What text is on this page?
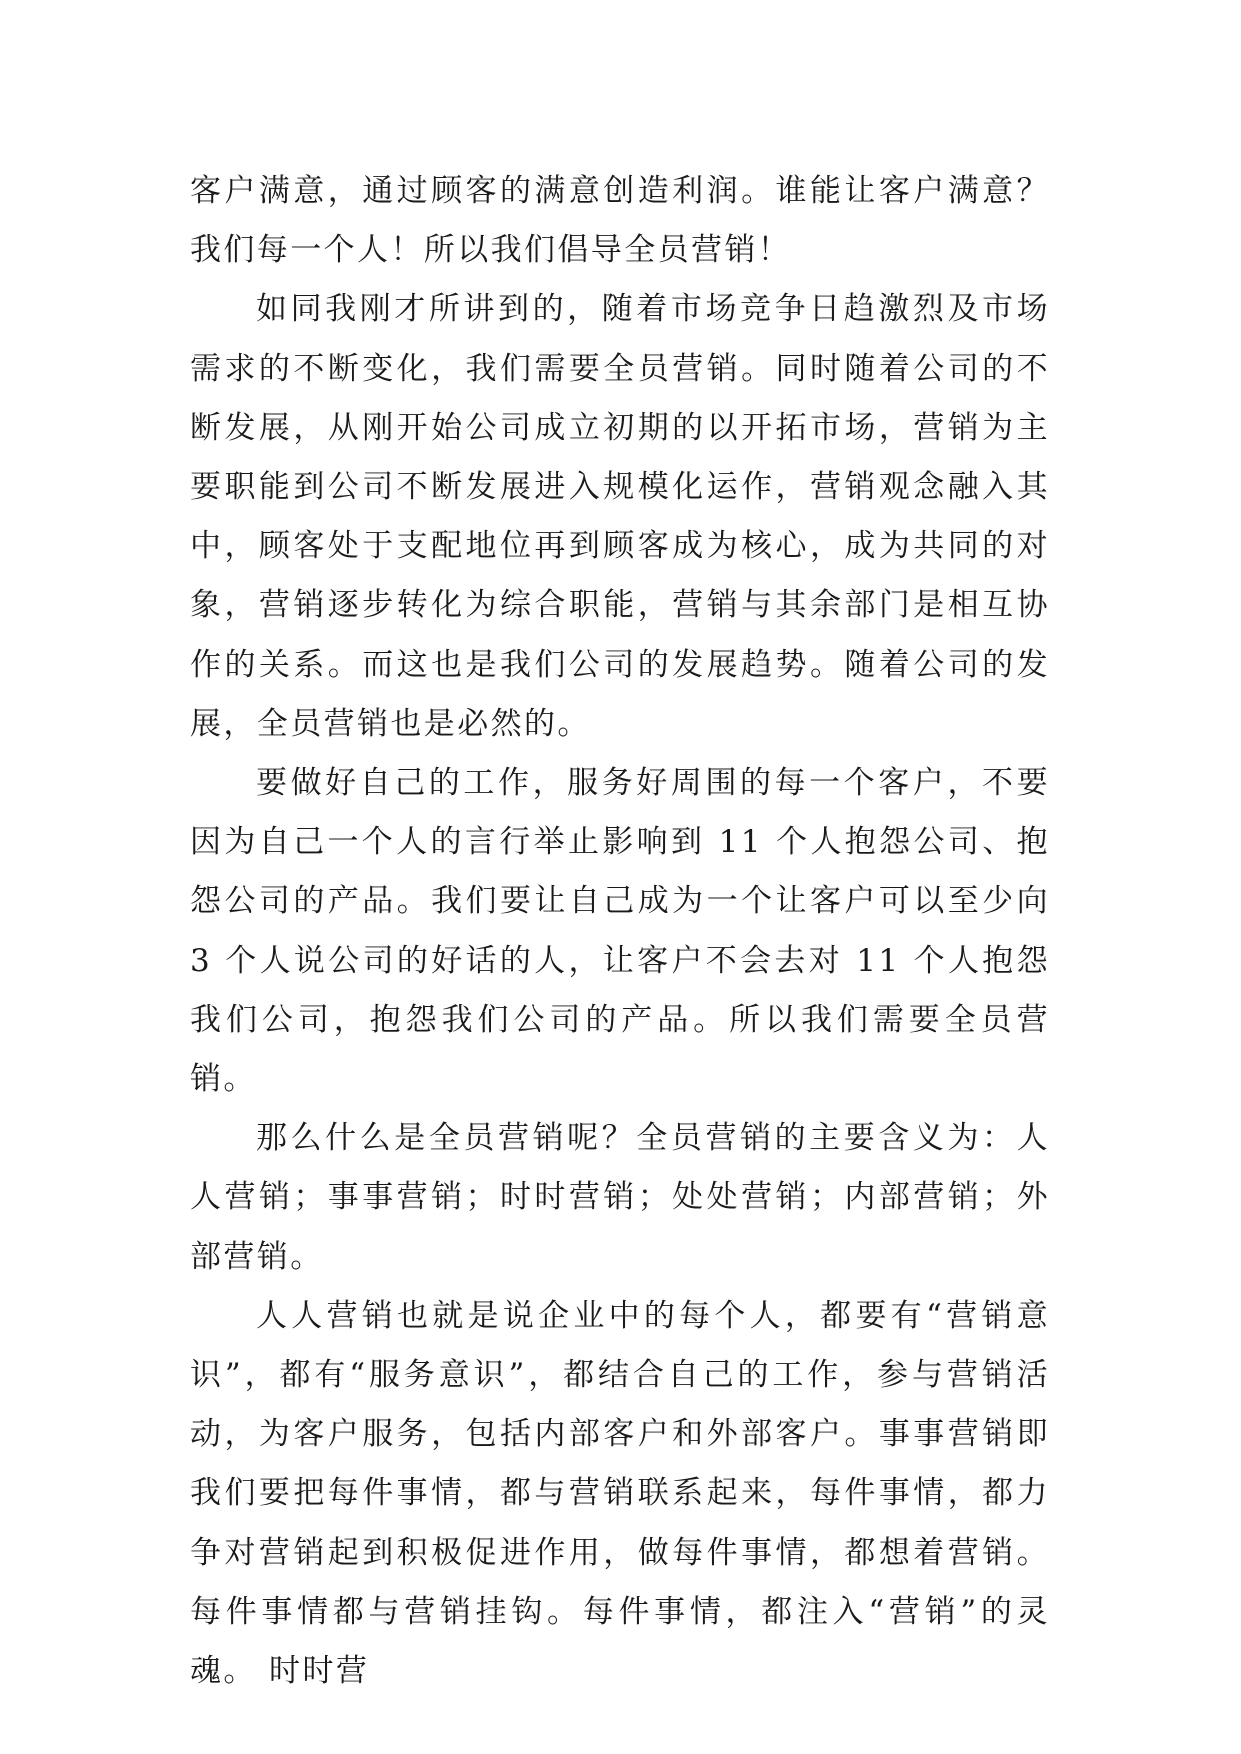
客户满意，通过顾客的满意创造利润。谁能让客户满意？我们每一个人！所以我们倡导全员营销！

如同我刚才所讲到的，随着市场竞争日趋激烈及市场需求的不断变化，我们需要全员营销。同时随着公司的不断发展，从刚开始公司成立初期的以开拓市场，营销为主要职能到公司不断发展进入规模化运作，营销观念融入其中，顾客处于支配地位再到顾客成为核心，成为共同的对象，营销逐步转化为综合职能，营销与其余部门是相互协作的关系。而这也是我们公司的发展趋势。随着公司的发展，全员营销也是必然的。

要做好自己的工作，服务好周围的每一个客户，不要因为自己一个人的言行举止影响到 11 个人抱怨公司、抱怨公司的产品。我们要让自己成为一个让客户可以至少向 3 个人说公司的好话的人，让客户不会去对 11 个人抱怨我们公司，抱怨我们公司的产品。所以我们需要全员营销。

那么什么是全员营销呢？全员营销的主要含义为：人人营销；事事营销；时时营销；处处营销；内部营销；外部营销。

人人营销也就是说企业中的每个人，都要有“营销意识”，都有“服务意识”，都结合自己的工作，参与营销活动，为客户服务，包括内部客户和外部客户。事事营销即我们要把每件事情，都与营销联系起来，每件事情，都力争对营销起到积极促进作用，做每件事情，都想着营销。每件事情都与营销挂钩。每件事情，都注入“营销”的灵魂。 时时营
